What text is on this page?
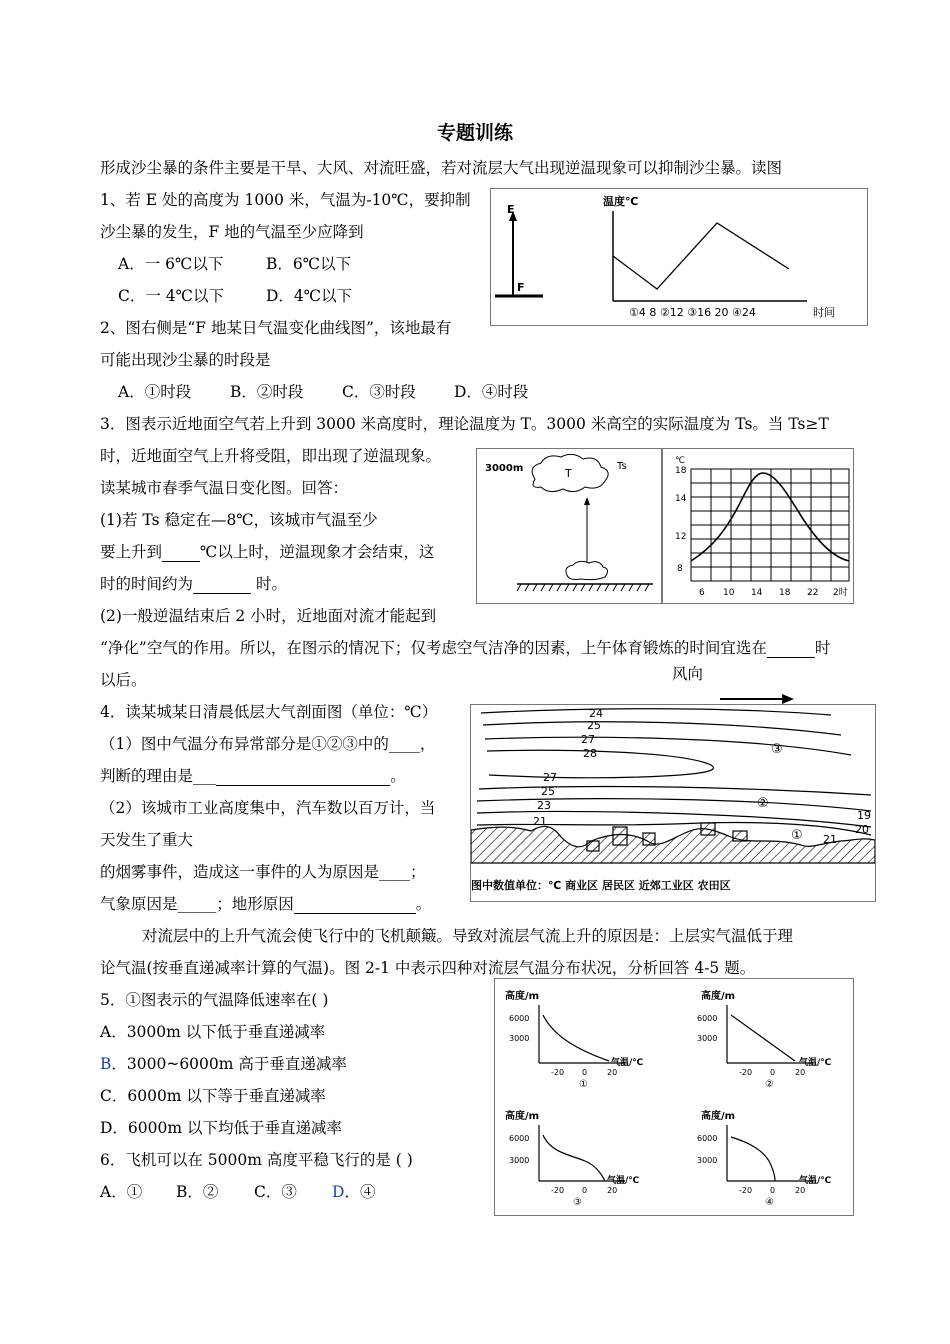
专题训练
形成沙尘暴的条件主要是干旱、大风、对流旺盛，若对流层大气出现逆温现象可以抑制沙尘暴。读图
1、若 E 处的高度为 1000 米，气温为-10℃，要抑制
沙尘暴的发生，F 地的气温至少应降到
A．一 6℃以下	B．6℃以下
C．一 4℃以下	D．4℃以下
2、图右侧是“F 地某日气温变化曲线图”，该地最有
可能出现沙尘暴的时段是
A．①时段	B．②时段 C．③时段 D．④时段
E
F
温度℃
①4 8 ②12 ③16 20 ④24	时间
3．图表示近地面空气若上升到 3000 米高度时，理论温度为 T。3000 米高空的实际温度为 Ts。当 Ts≥T
时，近地面空气上升将受阻，即出现了逆温现象。
读某城市春季气温日变化图。回答：
(1)若 Ts 稳定在—8℃，该城市气温至少
要上升到 ℃以上时，逆温现象才会结束，这
时的时间约为	时。
(2)一般逆温结束后 2 小时，近地面对流才能起到
“净化”空气的作用。所以，在图示的情况下；仅考虑空气洁净的因素，上午体育锻炼的时间宜选在	时
以后。
3000m	T
Ts	℃
18
14
12
8
6 10 14 18 22 2时
风向
4．读某城某日清晨低层大气剖面图（单位：℃）
（1）图中气温分布异常部分是①②③中的____，
判断的理由是___	。
（2）该城市工业高度集中，汽车数以百万计，当
天发生了重大
的烟雾事件，造成这一事件的人为原因是____；
气象原因是_____；地形原因	。
24
25
27
28
27
25
23
21	19
20
21
③
②
①
图中数值单位：℃ 商业区 居民区 近郊工业区 农田区
对流层中的上升气流会使飞行中的飞机颠簸。导致对流层气流上升的原因是：上层实气温低于理
论气温(按垂直递减率计算的气温)。图 2-1 中表示四种对流层气温分布状况，分析回答 4-5 题。
5．①图表示的气温降低速率在( )
A．3000m 以下低于垂直递减率
B．3000~6000m 高于垂直递减率
C．6000m 以下等于垂直递减率
D．6000m 以下均低于垂直递减率
6．飞机可以在 5000m 高度平稳飞行的是 ( )
A．① B．② C．③ D．④
高度/m
6000
3000
-20 0 20
气温/℃
①
高度/m
6000
3000
-20 0 20
气温/℃
②
高度/m
6000
3000
-20 0 20
气温/℃
③
高度/m
6000
3000
-20 0 20
气温/℃
④
